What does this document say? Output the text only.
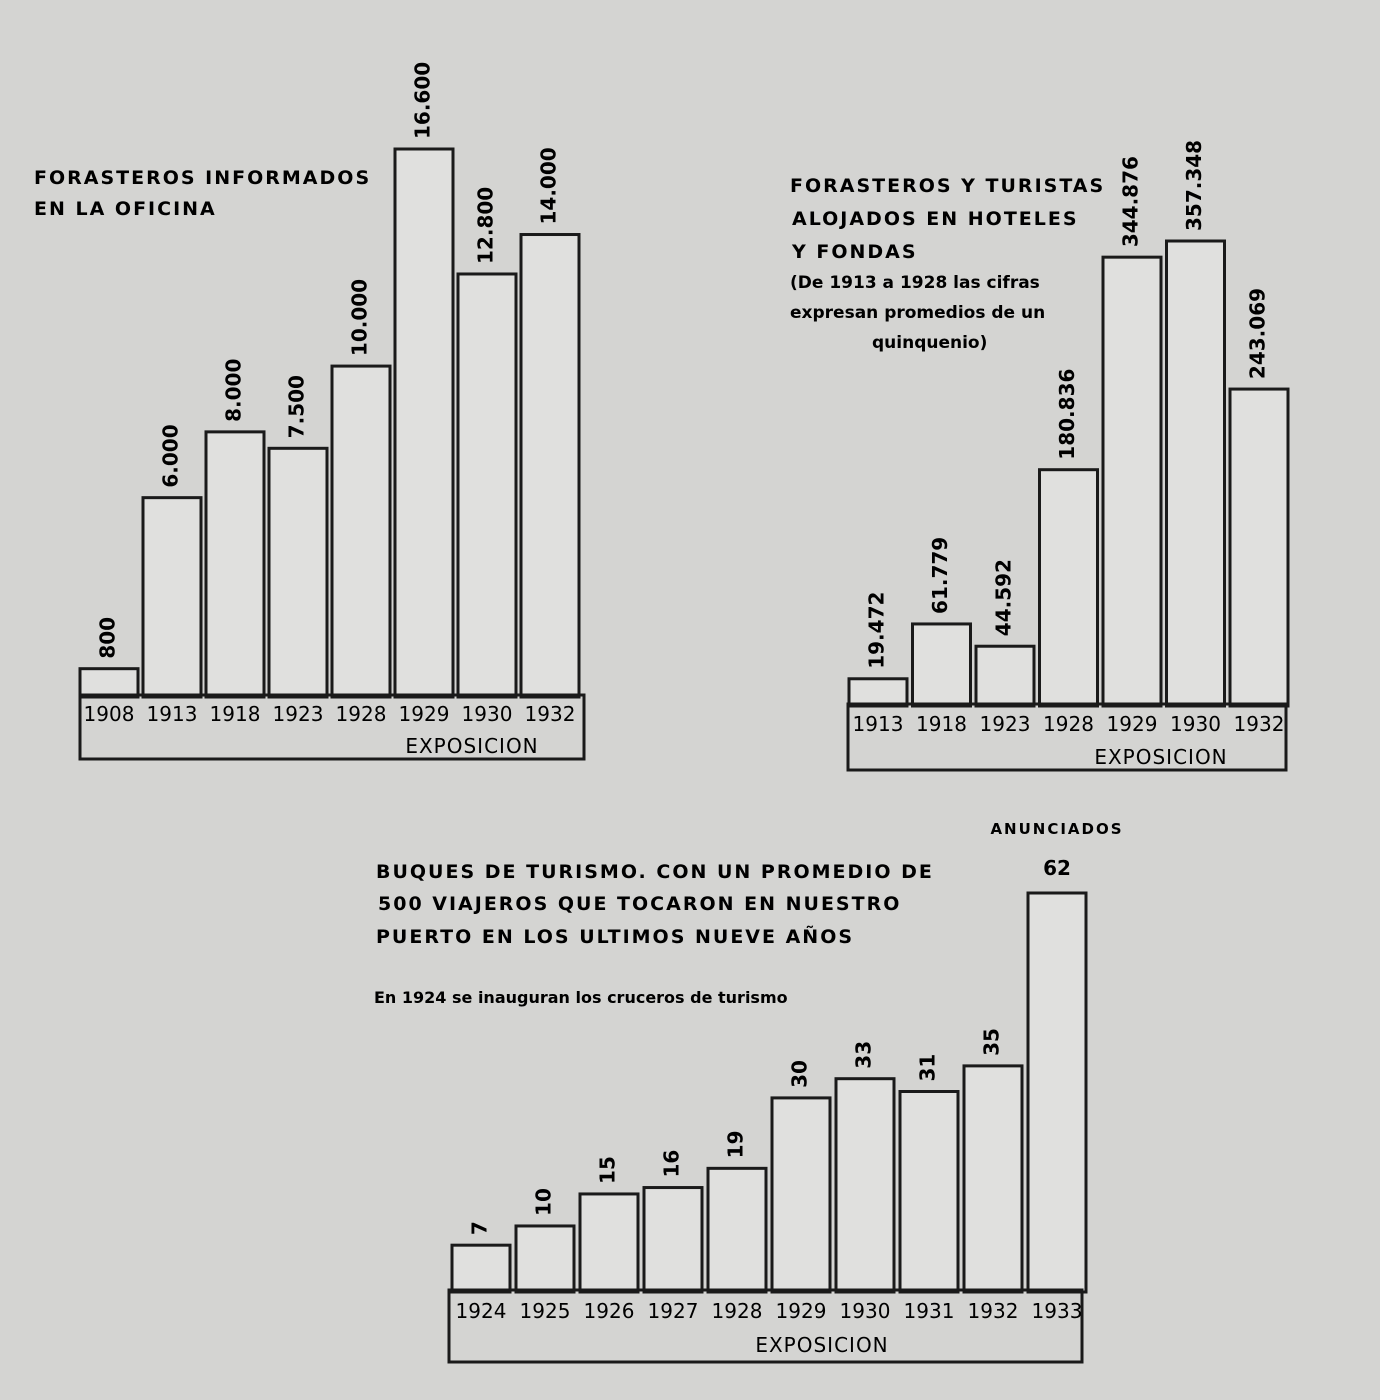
FORASTEROS INFORMADOS
EN LA OFICINA
800
6.000
8.000 7.500
10.000
16.600
12.800
14.000
1908 1913 1918 1923 1928 1929 1930 1932
EXPOSICION
FORASTEROS Y TURISTAS
ALOJADOS EN HOTELES
Y FONDAS
(De 1913 a 1928 las cifras
expresan promedios de un
quinquenio)
19.472
61.779 44.592
180.836
344.876 357.348
243.069
1913 1918 1923 1928 1929 1930 1932
EXPOSICION
BUQUES DE TURISMO. CON UN PROMEDIO DE
500 VIAJEROS QUE TOCARON EN NUESTRO
PUERTO EN LOS ULTIMOS NUEVE AÑOS
En 1924 se inauguran los cruceros de turismo
ANUNCIADOS
7
10
15 16
19
30
33 31
35
62
1924 1925 1926 1927 1928 1929 1930 1931 1932 1933
EXPOSICION
